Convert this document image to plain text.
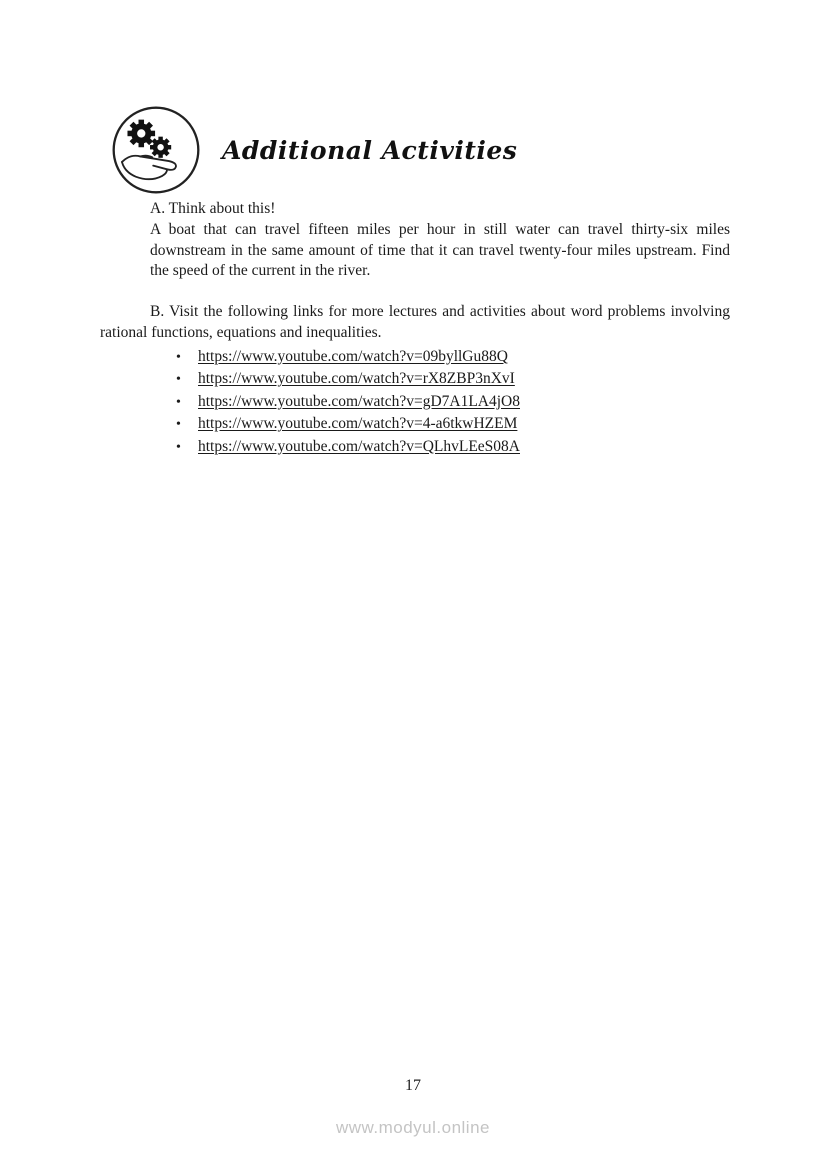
Additional Activities

A. Think about this!

A boat that can travel fifteen miles per hour in still water can travel thirty-six miles downstream in the same amount of time that it can travel twenty-four miles upstream. Find the speed of the current in the river.

B. Visit the following links for more lectures and activities about word problems involving rational functions, equations and inequalities.

•	https://www.youtube.com/watch?v=09byllGu88Q
•	https://www.youtube.com/watch?v=rX8ZBP3nXvI
•	https://www.youtube.com/watch?v=gD7A1LA4jO8
•	https://www.youtube.com/watch?v=4-a6tkwHZEM
•	https://www.youtube.com/watch?v=QLhvLEeS08A
17
www.modyul.online
